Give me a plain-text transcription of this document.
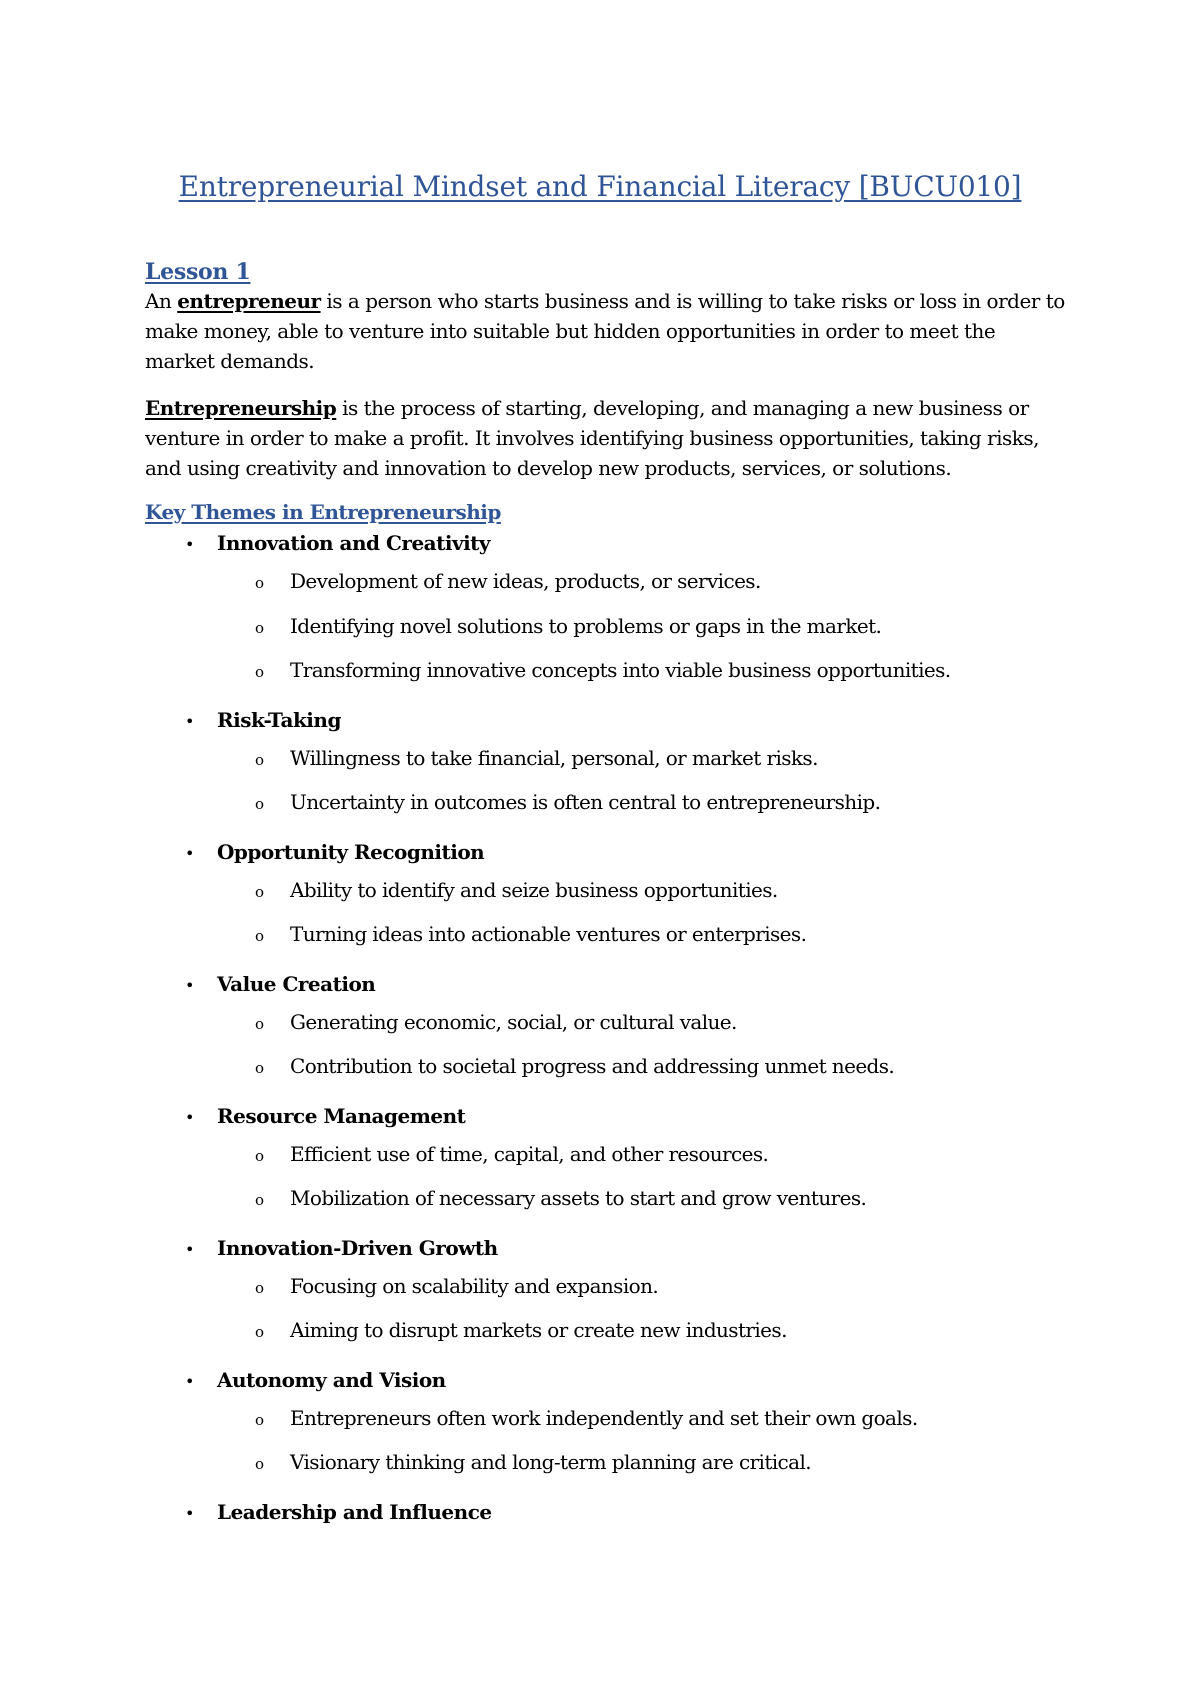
Entrepreneurial Mindset and Financial Literacy [BUCU010]
Lesson 1

An entrepreneur is a person who starts business and is willing to take risks or loss in order to make money, able to venture into suitable but hidden opportunities in order to meet the market demands.

Entrepreneurship is the process of starting, developing, and managing a new business or venture in order to make a profit. It involves identifying business opportunities, taking risks, and using creativity and innovation to develop new products, services, or solutions.

Key Themes in Entrepreneurship
•	Innovation and Creativity
o	Development of new ideas, products, or services.
o	Identifying novel solutions to problems or gaps in the market.
o	Transforming innovative concepts into viable business opportunities.
•	Risk-Taking
o	Willingness to take financial, personal, or market risks.
o	Uncertainty in outcomes is often central to entrepreneurship.
•	Opportunity Recognition
o	Ability to identify and seize business opportunities.
o	Turning ideas into actionable ventures or enterprises.
•	Value Creation
o	Generating economic, social, or cultural value.
o	Contribution to societal progress and addressing unmet needs.
•	Resource Management
o	Efficient use of time, capital, and other resources.
o	Mobilization of necessary assets to start and grow ventures.
•	Innovation-Driven Growth
o	Focusing on scalability and expansion.
o	Aiming to disrupt markets or create new industries.
•	Autonomy and Vision
o	Entrepreneurs often work independently and set their own goals.
o	Visionary thinking and long-term planning are critical.
•	Leadership and Influence
